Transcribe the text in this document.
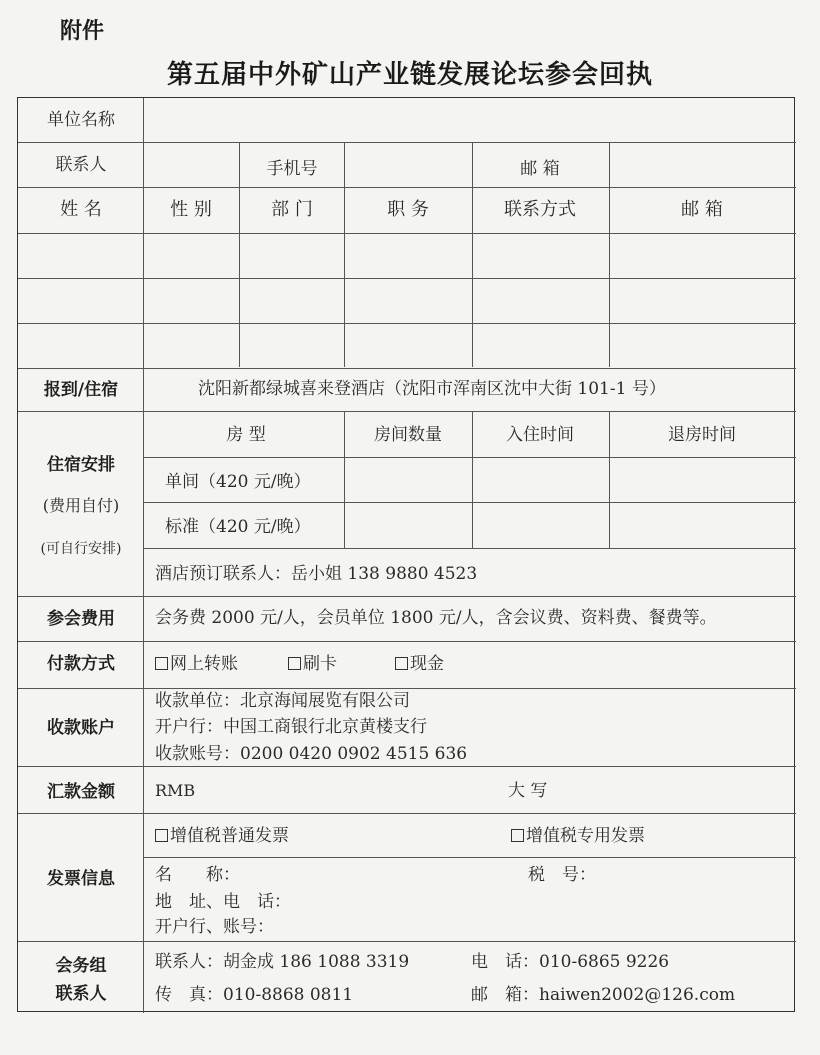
附件
第五届中外矿山产业链发展论坛参会回执
单位名称
联系人	手机号	邮 箱
姓 名	性 别	部 门	职 务	联系方式	邮 箱
报到/住宿	沈阳新都绿城喜来登酒店（沈阳市浑南区沈中大街 101-1 号）
住宿安排
(费用自付)
(可自行安排)
房 型	房间数量	入住时间	退房时间
单间（420 元/晚）
标准（420 元/晚）
酒店预订联系人：岳小姐 138 9880 4523
参会费用 会务费 2000 元/人，会员单位 1800 元/人，含会议费、资料费、餐费等。
付款方式	网上转账	刷卡	现金
收款账户
收款单位：北京海闻展览有限公司
开户行：中国工商银行北京黄楼支行
收款账号：0200 0420 0902 4515 636
汇款金额	RMB	大 写
发票信息
增值税普通发票	增值税专用发票
名　　称：	税　号：
地　址、电　话：
开户行、账号：
会务组
联系人
联系人：胡金成 186 1088 3319	电　话：010-6865 9226
传　真：010-8868 0811	邮　箱：haiwen2002@126.com
